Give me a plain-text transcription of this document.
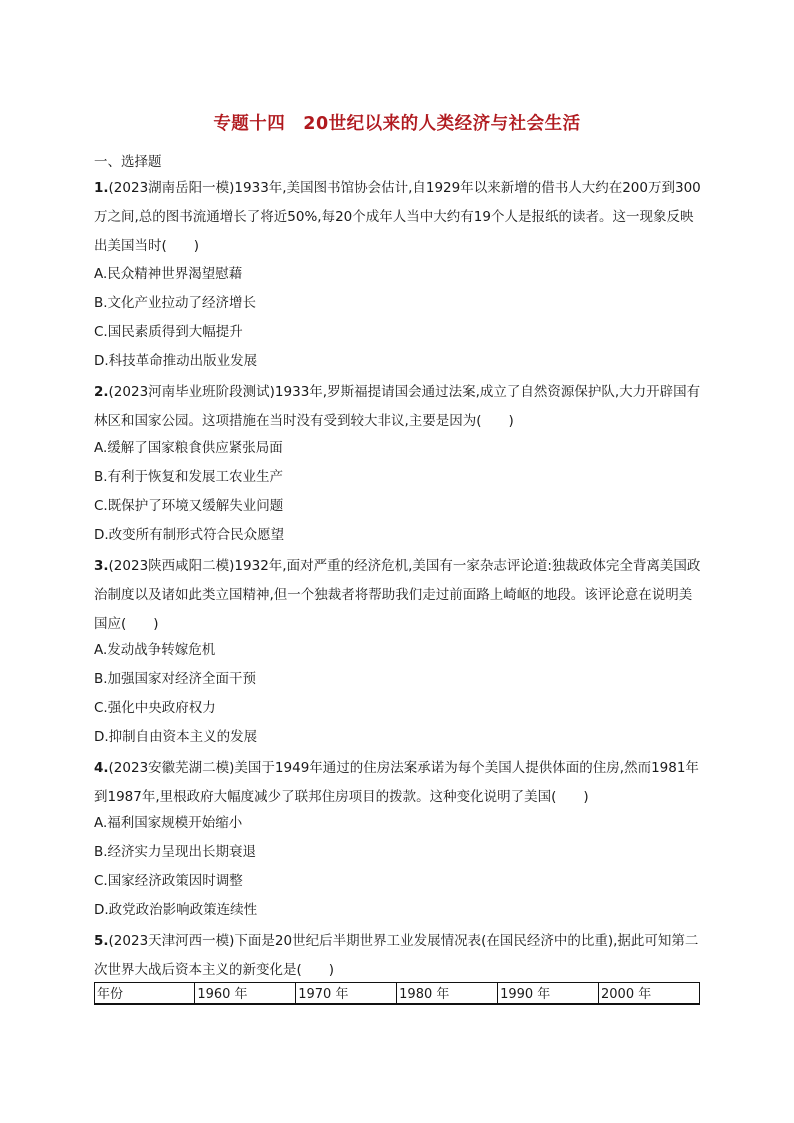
专题十四　20世纪以来的人类经济与社会生活
一、选择题
1.(2023湖南岳阳一模)1933年,美国图书馆协会估计,自1929年以来新增的借书人大约在200万到300万之间,总的图书流通增长了将近50%,每20个成年人当中大约有19个人是报纸的读者。这一现象反映出美国当时(　　)
A.民众精神世界渴望慰藉
B.文化产业拉动了经济增长
C.国民素质得到大幅提升
D.科技革命推动出版业发展
2.(2023河南毕业班阶段测试)1933年,罗斯福提请国会通过法案,成立了自然资源保护队,大力开辟国有林区和国家公园。这项措施在当时没有受到较大非议,主要是因为(　　)
A.缓解了国家粮食供应紧张局面
B.有利于恢复和发展工农业生产
C.既保护了环境又缓解失业问题
D.改变所有制形式符合民众愿望
3.(2023陕西咸阳二模)1932年,面对严重的经济危机,美国有一家杂志评论道:独裁政体完全背离美国政治制度以及诸如此类立国精神,但一个独裁者将帮助我们走过前面路上崎岖的地段。该评论意在说明美国应(　　)
A.发动战争转嫁危机
B.加强国家对经济全面干预
C.强化中央政府权力
D.抑制自由资本主义的发展
4.(2023安徽芜湖二模)美国于1949年通过的住房法案承诺为每个美国人提供体面的住房,然而1981年到1987年,里根政府大幅度减少了联邦住房项目的拨款。这种变化说明了美国(　　)
A.福利国家规模开始缩小
B.经济实力呈现出长期衰退
C.国家经济政策因时调整
D.政党政治影响政策连续性
5.(2023天津河西一模)下面是20世纪后半期世界工业发展情况表(在国民经济中的比重),据此可知第二次世界大战后资本主义的新变化是(　　)
年份	1960 年	1970 年	1980 年	1990 年	2000 年
